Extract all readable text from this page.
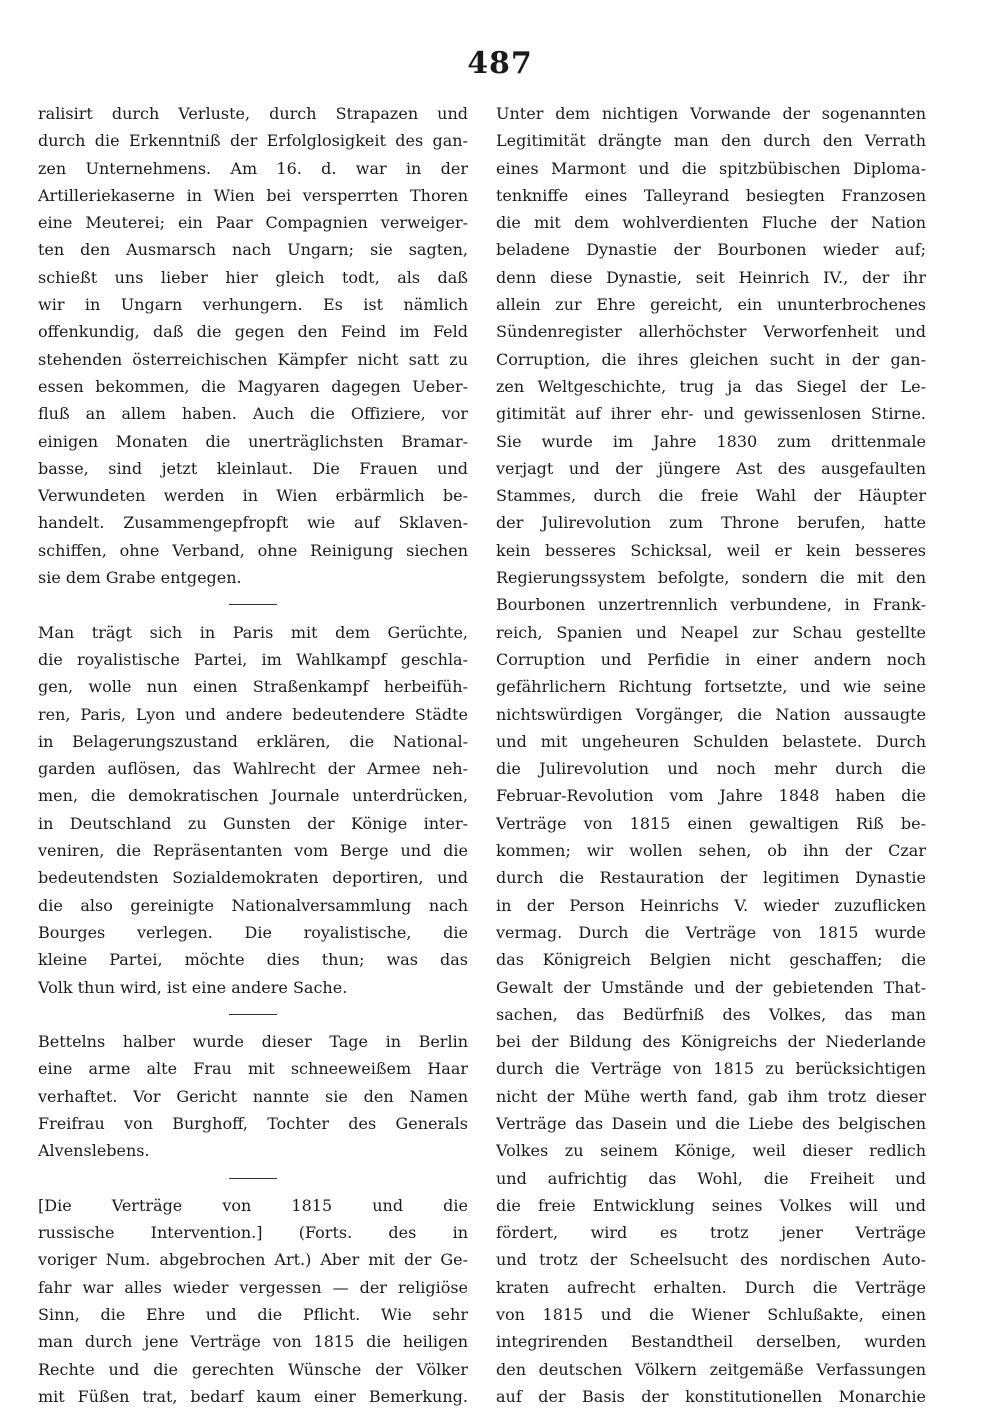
487
ralisirt durch Verluste, durch Strapazen und
durch die Erkenntniß der Erfolglosigkeit des gan-
zen Unternehmens. Am 16. d. war in der
Artilleriekaserne in Wien bei versperrten Thoren
eine Meuterei; ein Paar Compagnien verweiger-
ten den Ausmarsch nach Ungarn; sie sagten,
schießt uns lieber hier gleich todt, als daß
wir in Ungarn verhungern. Es ist nämlich
offenkundig, daß die gegen den Feind im Feld
stehenden österreichischen Kämpfer nicht satt zu
essen bekommen, die Magyaren dagegen Ueber-
fluß an allem haben. Auch die Offiziere, vor
einigen Monaten die unerträglichsten Bramar-
basse, sind jetzt kleinlaut. Die Frauen und
Verwundeten werden in Wien erbärmlich be-
handelt. Zusammengepfropft wie auf Sklaven-
schiffen, ohne Verband, ohne Reinigung siechen
sie dem Grabe entgegen.
Man trägt sich in Paris mit dem Gerüchte,
die royalistische Partei, im Wahlkampf geschla-
gen, wolle nun einen Straßenkampf herbeifüh-
ren, Paris, Lyon und andere bedeutendere Städte
in Belagerungszustand erklären, die National-
garden auflösen, das Wahlrecht der Armee neh-
men, die demokratischen Journale unterdrücken,
in Deutschland zu Gunsten der Könige inter-
veniren, die Repräsentanten vom Berge und die
bedeutendsten Sozialdemokraten deportiren, und
die also gereinigte Nationalversammlung nach
Bourges verlegen. Die royalistische, die
kleine Partei, möchte dies thun; was das
Volk thun wird, ist eine andere Sache.
Bettelns halber wurde dieser Tage in Berlin
eine arme alte Frau mit schneeweißem Haar
verhaftet. Vor Gericht nannte sie den Namen
Freifrau von Burghoff, Tochter des Generals
Alvenslebens.
[Die Verträge von 1815 und die
russische Intervention.] (Forts. des in
voriger Num. abgebrochen Art.) Aber mit der Ge-
fahr war alles wieder vergessen — der religiöse
Sinn, die Ehre und die Pflicht. Wie sehr
man durch jene Verträge von 1815 die heiligen
Rechte und die gerechten Wünsche der Völker
mit Füßen trat, bedarf kaum einer Bemerkung.
Unter dem nichtigen Vorwande der sogenannten
Legitimität drängte man den durch den Verrath
eines Marmont und die spitzbübischen Diploma-
tenkniffe eines Talleyrand besiegten Franzosen
die mit dem wohlverdienten Fluche der Nation
beladene Dynastie der Bourbonen wieder auf;
denn diese Dynastie, seit Heinrich IV., der ihr
allein zur Ehre gereicht, ein ununterbrochenes
Sündenregister allerhöchster Verworfenheit und
Corruption, die ihres gleichen sucht in der gan-
zen Weltgeschichte, trug ja das Siegel der Le-
gitimität auf ihrer ehr- und gewissenlosen Stirne.
Sie wurde im Jahre 1830 zum drittenmale
verjagt und der jüngere Ast des ausgefaulten
Stammes, durch die freie Wahl der Häupter
der Julirevolution zum Throne berufen, hatte
kein besseres Schicksal, weil er kein besseres
Regierungssystem befolgte, sondern die mit den
Bourbonen unzertrennlich verbundene, in Frank-
reich, Spanien und Neapel zur Schau gestellte
Corruption und Perfidie in einer andern noch
gefährlichern Richtung fortsetzte, und wie seine
nichtswürdigen Vorgänger, die Nation aussaugte
und mit ungeheuren Schulden belastete. Durch
die Julirevolution und noch mehr durch die
Februar-Revolution vom Jahre 1848 haben die
Verträge von 1815 einen gewaltigen Riß be-
kommen; wir wollen sehen, ob ihn der Czar
durch die Restauration der legitimen Dynastie
in der Person Heinrichs V. wieder zuzuflicken
vermag. Durch die Verträge von 1815 wurde
das Königreich Belgien nicht geschaffen; die
Gewalt der Umstände und der gebietenden That-
sachen, das Bedürfniß des Volkes, das man
bei der Bildung des Königreichs der Niederlande
durch die Verträge von 1815 zu berücksichtigen
nicht der Mühe werth fand, gab ihm trotz dieser
Verträge das Dasein und die Liebe des belgischen
Volkes zu seinem Könige, weil dieser redlich
und aufrichtig das Wohl, die Freiheit und
die freie Entwicklung seines Volkes will und
fördert, wird es trotz jener Verträge
und trotz der Scheelsucht des nordischen Auto-
kraten aufrecht erhalten. Durch die Verträge
von 1815 und die Wiener Schlußakte, einen
integrirenden Bestandtheil derselben, wurden
den deutschen Völkern zeitgemäße Verfassungen
auf der Basis der konstitutionellen Monarchie
